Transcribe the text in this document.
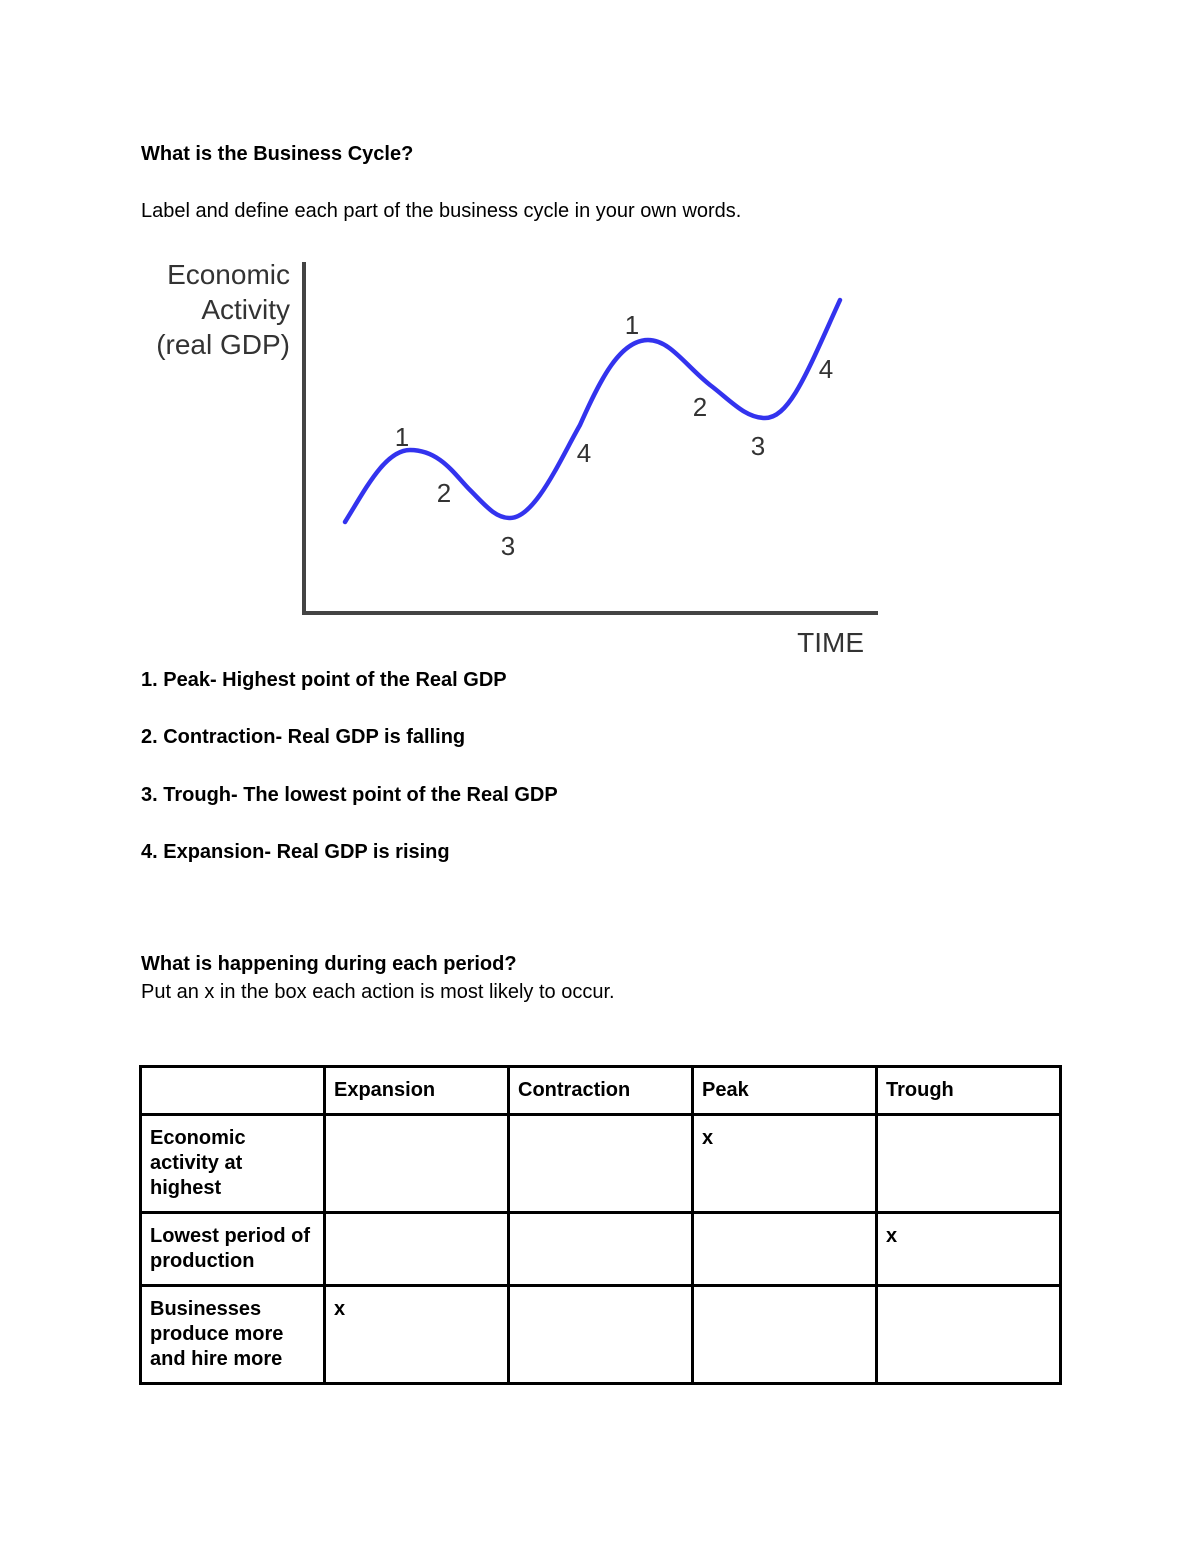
What is the Business Cycle?
Label and define each part of the business cycle in your own words.
Economic
Activity
(real GDP)
TIME
1
2
3
4
1
2
3
4
1. Peak- Highest point of the Real GDP
2. Contraction- Real GDP is falling
3. Trough- The lowest point of the Real GDP
4. Expansion- Real GDP is rising
What is happening during each period?
Put an x in the box each action is most likely to occur.
	Expansion	Contraction	Peak	Trough
Economic activity at highest			x	
Lowest period of production				x
Businesses produce more and hire more	x			
